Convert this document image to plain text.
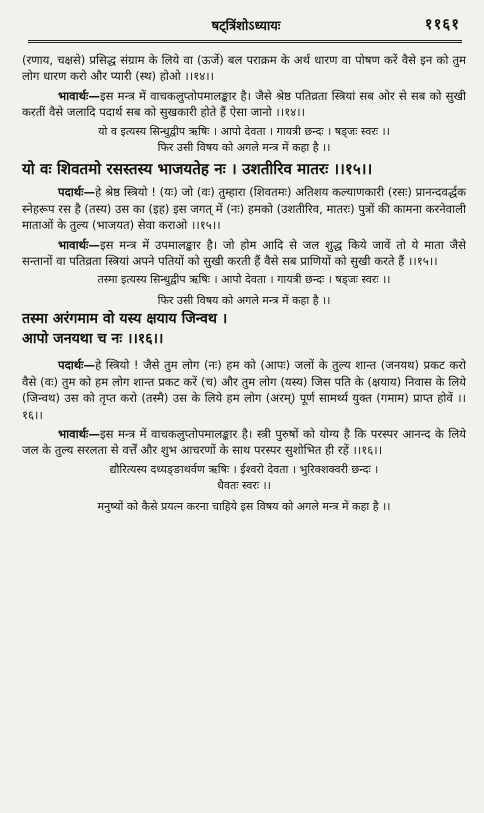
षट्त्रिंशोऽध्यायः	११६१

(रणाय, चक्षसे) प्रसिद्ध संग्राम के लिये वा (ऊर्जे) बल पराक्रम के अर्थ धारण वा पोषण करें वैसे इन को तुम लोग धारण करो और प्यारी (स्थ) होओ ।।१४।।

भावार्थः—इस मन्त्र में वाचकलुप्तोपमालङ्कार है। जैसे श्रेष्ठ पतिव्रता स्त्रियां सब ओर से सब को सुखी करतीं वैसे जलादि पदार्थ सब को सुखकारी होते हैं ऐसा जानो ।।१४।।

यो व इत्यस्य सिन्धुद्वीप ऋषिः । आपो देवता । गायत्री छन्दः । षड्जः स्वरः ।।

फिर उसी विषय को अगले मन्त्र में कहा है ।।

यो वः शिवतमो रसस्तस्य भाजयतेह नः । उशतीरिव मातरः ।।१५।।

पदार्थः—हे श्रेष्ठ स्त्रियो ! (यः) जो (वः) तुम्हारा (शिवतमः) अतिशय कल्याणकारी (रसः) प्रानन्दवर्द्धक स्नेहरूप रस है (तस्य) उस का (इह) इस जगत् में (नः) हमको (उशतीरिव, मातरः) पुत्रों की कामना करनेवाली माताओं के तुल्य (भाजयत) सेवा कराओ ।।१५।।

भावार्थः—इस मन्त्र में उपमालङ्कार है। जो होम आदि से जल शुद्ध किये जावें तो ये माता जैसे सन्तानों वा पतिव्रता स्त्रियां अपने पतियों को सुखी करती हैं वैसे सब प्राणियों को सुखी करते हैं ।।१५।।

तस्मा इत्यस्य सिन्धुद्वीप ऋषिः । आपो देवता । गायत्री छन्दः । षड्जः स्वरः ।।

फिर उसी विषय को अगले मन्त्र में कहा है ।।

तस्मा अरंगमाम वो यस्य क्षयाय जिन्वथ ।

आपो जनयथा च नः ।।१६।।

पदार्थः—हे स्त्रियो ! जैसे तुम लोग (नः) हम को (आपः) जलों के तुल्य शान्त (जनयथ) प्रकट करो वैसे (वः) तुम को हम लोग शान्त प्रकट करें (च) और तुम लोग (यस्य) जिस पति के (क्षयाय) निवास के लिये (जिन्वथ) उस को तृप्त करो (तस्मै) उस के लिये हम लोग (अरम्) पूर्ण सामर्थ्य युक्त (गमाम) प्राप्त होवें ।।१६।।

भावार्थः—इस मन्त्र में वाचकलुप्तोपमालङ्कार है। स्त्री पुरुषों को योग्य है कि परस्पर आनन्द के लिये जल के तुल्य सरलता से वर्त्तें और शुभ आचरणों के साथ परस्पर सुशोभित ही रहें ।।१६।।

द्यौरित्यस्य दध्यङ्ङाथर्वण ऋषिः । ईश्वरो देवता । भुरिक्शक्वरी छन्दः ।

धैवतः स्वरः ।।

मनुष्यों को कैसे प्रयत्न करना चाहिये इस विषय को अगले मन्त्र में कहा है ।।
